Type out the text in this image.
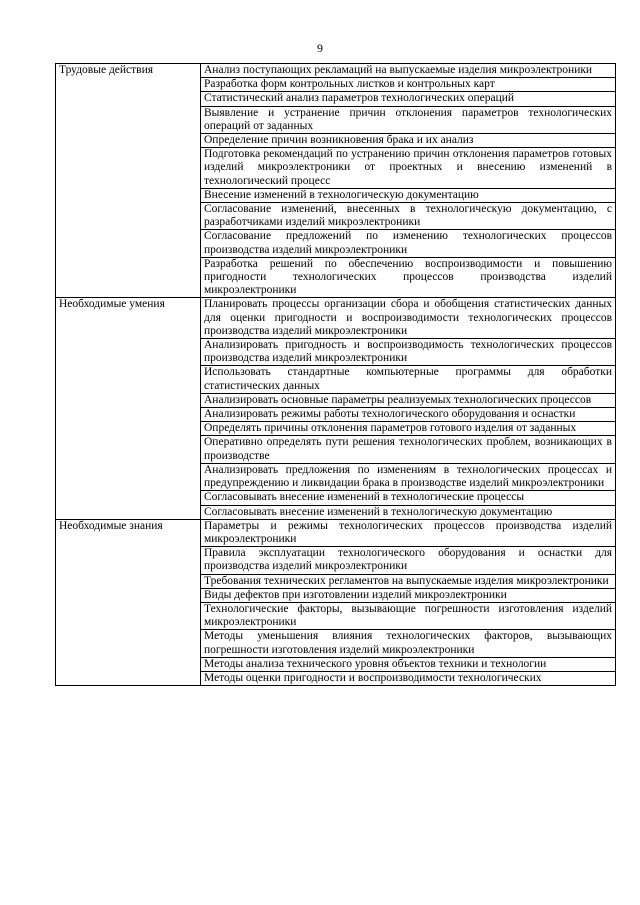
9
Трудовые действия	Анализ поступающих рекламаций на выпускаемые изделия микроэлектроники
	Разработка форм контрольных листков и контрольных карт
	Статистический анализ параметров технологических операций
	Выявление и устранение причин отклонения параметров технологических операций от заданных
	Определение причин возникновения брака и их анализ
	Подготовка рекомендаций по устранению причин отклонения параметров готовых изделий микроэлектроники от проектных и внесению изменений в технологический процесс
	Внесение изменений в технологическую документацию
	Согласование изменений, внесенных в технологическую документацию, с разработчиками изделий микроэлектроники
	Согласование предложений по изменению технологических процессов производства изделий микроэлектроники
	Разработка решений по обеспечению воспроизводимости и повышению пригодности технологических процессов производства изделий микроэлектроники
Необходимые умения	Планировать процессы организации сбора и обобщения статистических данных для оценки пригодности и воспроизводимости технологических процессов производства изделий микроэлектроники
	Анализировать пригодность и воспроизводимость технологических процессов производства изделий микроэлектроники
	Использовать стандартные компьютерные программы для обработки статистических данных
	Анализировать основные параметры реализуемых технологических процессов
	Анализировать режимы работы технологического оборудования и оснастки
	Определять причины отклонения параметров готового изделия от заданных
	Оперативно определять пути решения технологических проблем, возникающих в производстве
	Анализировать предложения по изменениям в технологических процессах и предупреждению и ликвидации брака в производстве изделий микроэлектроники
	Согласовывать внесение изменений в технологические процессы
	Согласовывать внесение изменений в технологическую документацию
Необходимые знания	Параметры и режимы технологических процессов производства изделий микроэлектроники
	Правила эксплуатации технологического оборудования и оснастки для производства изделий микроэлектроники
	Требования технических регламентов на выпускаемые изделия микроэлектроники
	Виды дефектов при изготовлении изделий микроэлектроники
	Технологические факторы, вызывающие погрешности изготовления изделий микроэлектроники
	Методы уменьшения влияния технологических факторов, вызывающих погрешности изготовления изделий микроэлектроники
	Методы анализа технического уровня объектов техники и технологии
	Методы оценки пригодности и воспроизводимости технологических
